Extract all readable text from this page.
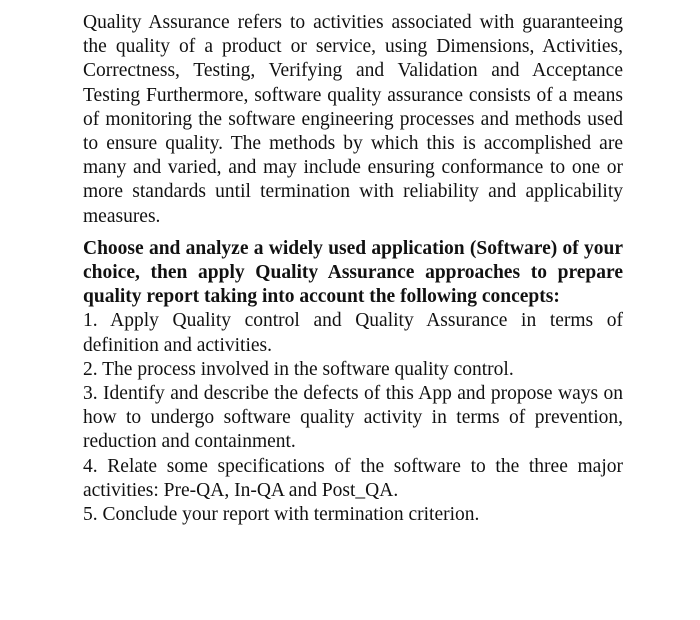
Quality Assurance refers to activities associated with guaranteeing the quality of a product or service, using Dimensions, Activities, Correctness, Testing, Verifying and Validation and Acceptance Testing Furthermore, software quality assurance consists of a means of monitoring the software engineering processes and methods used to ensure quality. The methods by which this is accomplished are many and varied, and may include ensuring conformance to one or more standards until termination with reliability and applicability measures.

Choose and analyze a widely used application (Software) of your choice, then apply Quality Assurance approaches to prepare quality report taking into account the following concepts:

1. Apply Quality control and Quality Assurance in terms of definition and activities.
2. The process involved in the software quality control.
3. Identify and describe the defects of this App and propose ways on how to undergo software quality activity in terms of prevention, reduction and containment.
4. Relate some specifications of the software to the three major activities: Pre-QA, In-QA and Post_QA.
5. Conclude your report with termination criterion.
